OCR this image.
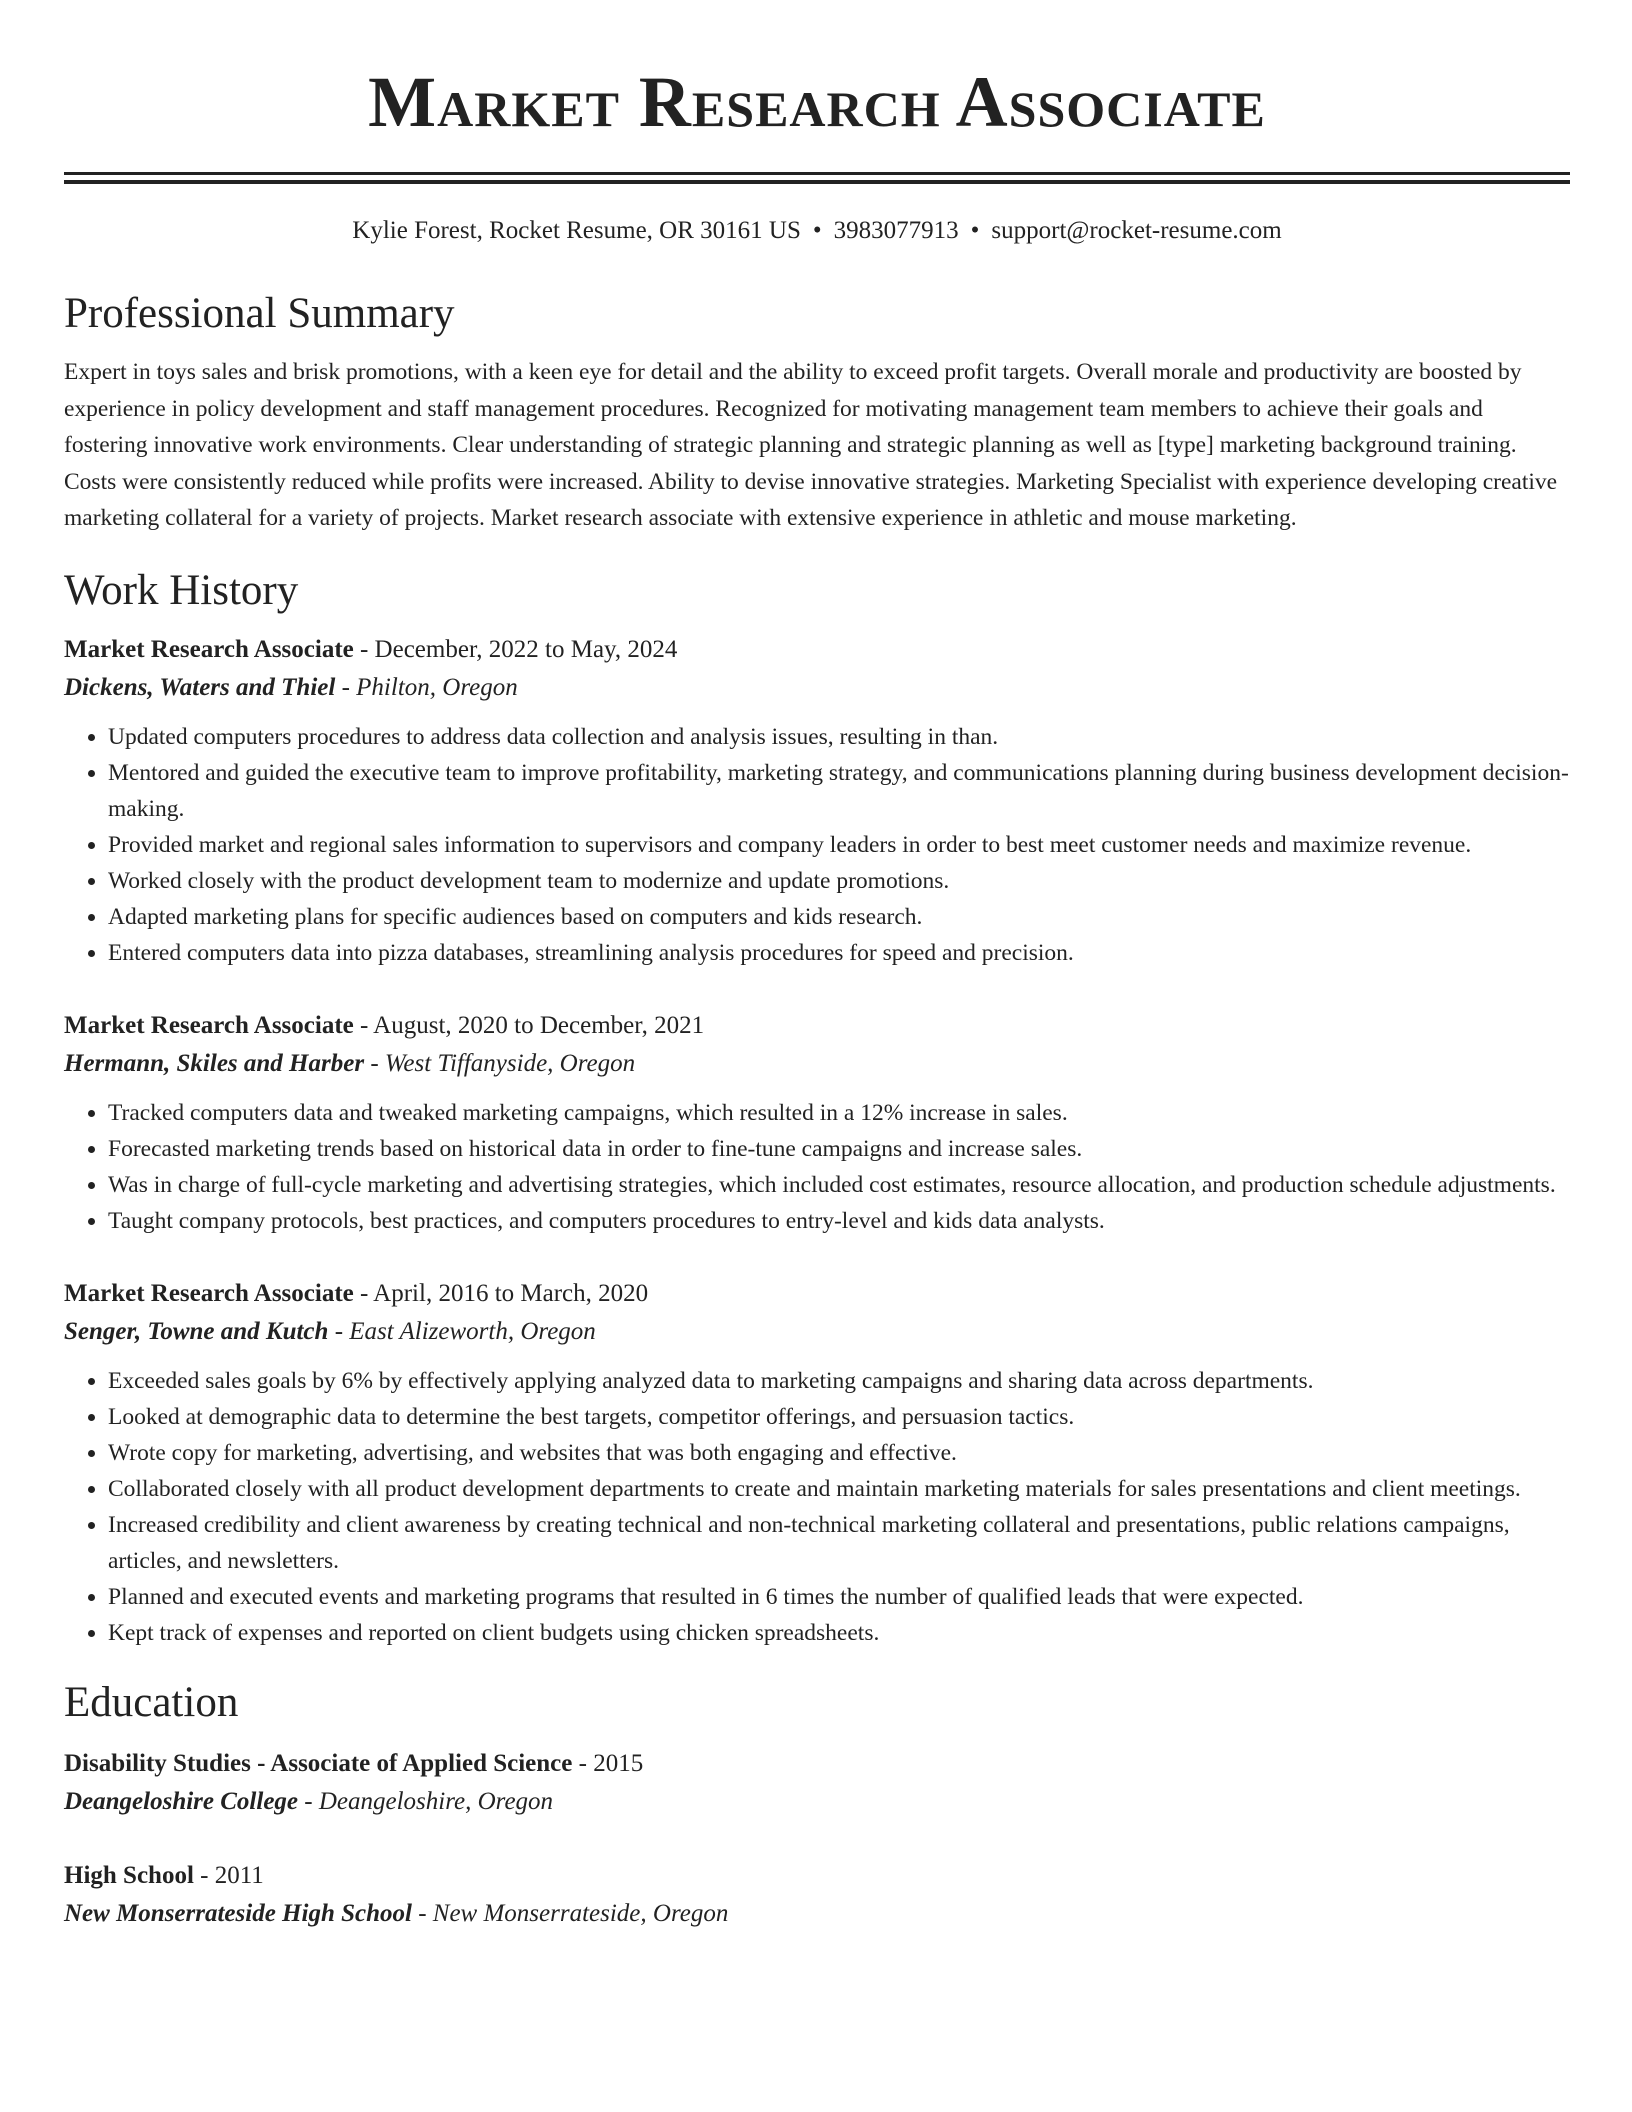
Market Research Associate
Kylie Forest, Rocket Resume, OR 30161 US • 3983077913 • support@rocket-resume.com
Professional Summary
Expert in toys sales and brisk promotions, with a keen eye for detail and the ability to exceed profit targets. Overall morale and productivity are boosted by experience in policy development and staff management procedures. Recognized for motivating management team members to achieve their goals and fostering innovative work environments. Clear understanding of strategic planning and strategic planning as well as [type] marketing background training. Costs were consistently reduced while profits were increased. Ability to devise innovative strategies. Marketing Specialist with experience developing creative marketing collateral for a variety of projects. Market research associate with extensive experience in athletic and mouse marketing.
Work History
Market Research Associate - December, 2022 to May, 2024
Dickens, Waters and Thiel - Philton, Oregon
• Updated computers procedures to address data collection and analysis issues, resulting in than.
• Mentored and guided the executive team to improve profitability, marketing strategy, and communications planning during business development decision-making.
• Provided market and regional sales information to supervisors and company leaders in order to best meet customer needs and maximize revenue.
• Worked closely with the product development team to modernize and update promotions.
• Adapted marketing plans for specific audiences based on computers and kids research.
• Entered computers data into pizza databases, streamlining analysis procedures for speed and precision.
Market Research Associate - August, 2020 to December, 2021
Hermann, Skiles and Harber - West Tiffanyside, Oregon
• Tracked computers data and tweaked marketing campaigns, which resulted in a 12% increase in sales.
• Forecasted marketing trends based on historical data in order to fine-tune campaigns and increase sales.
• Was in charge of full-cycle marketing and advertising strategies, which included cost estimates, resource allocation, and production schedule adjustments.
• Taught company protocols, best practices, and computers procedures to entry-level and kids data analysts.
Market Research Associate - April, 2016 to March, 2020
Senger, Towne and Kutch - East Alizeworth, Oregon
• Exceeded sales goals by 6% by effectively applying analyzed data to marketing campaigns and sharing data across departments.
• Looked at demographic data to determine the best targets, competitor offerings, and persuasion tactics.
• Wrote copy for marketing, advertising, and websites that was both engaging and effective.
• Collaborated closely with all product development departments to create and maintain marketing materials for sales presentations and client meetings.
• Increased credibility and client awareness by creating technical and non-technical marketing collateral and presentations, public relations campaigns, articles, and newsletters.
• Planned and executed events and marketing programs that resulted in 6 times the number of qualified leads that were expected.
• Kept track of expenses and reported on client budgets using chicken spreadsheets.
Education
Disability Studies - Associate of Applied Science - 2015
Deangeloshire College - Deangeloshire, Oregon
High School - 2011
New Monserrateside High School - New Monserrateside, Oregon
